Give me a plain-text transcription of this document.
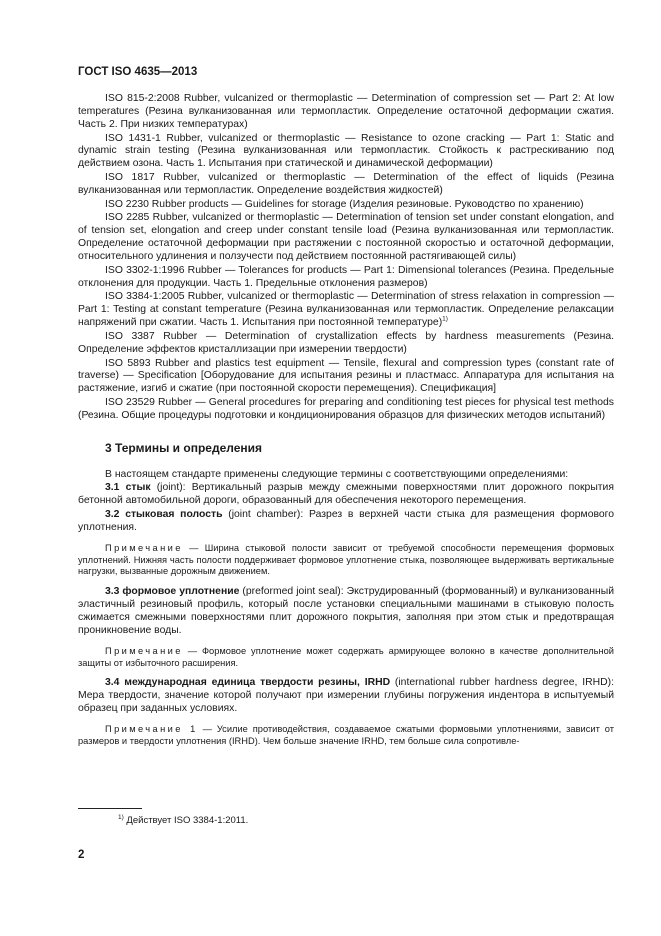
ГОСТ ISO 4635—2013

ISO 815-2:2008 Rubber, vulcanized or thermoplastic — Determination of compression set — Part 2: At low temperatures (Резина вулканизованная или термопластик. Определение остаточной деформации сжатия. Часть 2. При низких температурах)

ISO 1431-1 Rubber, vulcanized or thermoplastic — Resistance to ozone cracking — Part 1: Static and dynamic strain testing (Резина вулканизованная или термопластик. Стойкость к растрескиванию под действием озона. Часть 1. Испытания при статической и динамической деформации)

ISO 1817 Rubber, vulcanized or thermoplastic — Determination of the effect of liquids (Резина вулканизованная или термопластик. Определение воздействия жидкостей)

ISO 2230 Rubber products — Guidelines for storage (Изделия резиновые. Руководство по хранению)

ISO 2285 Rubber, vulcanized or thermoplastic — Determination of tension set under constant elongation, and of tension set, elongation and creep under constant tensile load (Резина вулканизованная или термопластик. Определение остаточной деформации при растяжении с постоянной скоростью и остаточной деформации, относительного удлинения и ползучести под действием постоянной растягивающей силы)

ISO 3302-1:1996 Rubber — Tolerances for products — Part 1: Dimensional tolerances (Резина. Предельные отклонения для продукции. Часть 1. Предельные отклонения размеров)

ISO 3384-1:2005 Rubber, vulcanized or thermoplastic — Determination of stress relaxation in compression — Part 1: Testing at constant temperature (Резина вулканизованная или термопластик. Определение релаксации напряжений при сжатии. Часть 1. Испытания при постоянной температуре)$^{1)}$

ISO 3387 Rubber — Determination of crystallization effects by hardness measurements (Резина. Определение эффектов кристаллизации при измерении твердости)

ISO 5893 Rubber and plastics test equipment — Tensile, flexural and compression types (constant rate of traverse) — Specification [Оборудование для испытания резины и пластмасс. Аппаратура для испытания на растяжение, изгиб и сжатие (при постоянной скорости перемещения). Спецификация]

ISO 23529 Rubber — General procedures for preparing and conditioning test pieces for physical test methods (Резина. Общие процедуры подготовки и кондиционирования образцов для физических методов испытаний)

3 Термины и определения

В настоящем стандарте применены следующие термины с соответствующими определениями:

3.1 стык (joint): Вертикальный разрыв между смежными поверхностями плит дорожного покрытия бетонной автомобильной дороги, образованный для обеспечения некоторого перемещения.

3.2 стыковая полость (joint chamber): Разрез в верхней части стыка для размещения формового уплотнения.

Примечание — Ширина стыковой полости зависит от требуемой способности перемещения формовых уплотнений. Нижняя часть полости поддерживает формовое уплотнение стыка, позволяющее выдерживать вертикальные нагрузки, вызванные дорожным движением.

3.3 формовое уплотнение (preformed joint seal): Экструдированный (формованный) и вулканизованный эластичный резиновый профиль, который после установки специальными машинами в стыковую полость сжимается смежными поверхностями плит дорожного покрытия, заполняя при этом стык и предотвращая проникновение воды.

Примечание — Формовое уплотнение может содержать армирующее волокно в качестве дополнительной защиты от избыточного расширения.

3.4 международная единица твердости резины, IRHD (international rubber hardness degree, IRHD): Мера твердости, значение которой получают при измерении глубины погружения индентора в испытуемый образец при заданных условиях.

Примечание 1 — Усилие противодействия, создаваемое сжатыми формовыми уплотнениями, зависит от размеров и твердости уплотнения (IRHD). Чем больше значение IRHD, тем больше сила сопротивле-

$^{1)}$ Действует ISO 3384-1:2011.
2
